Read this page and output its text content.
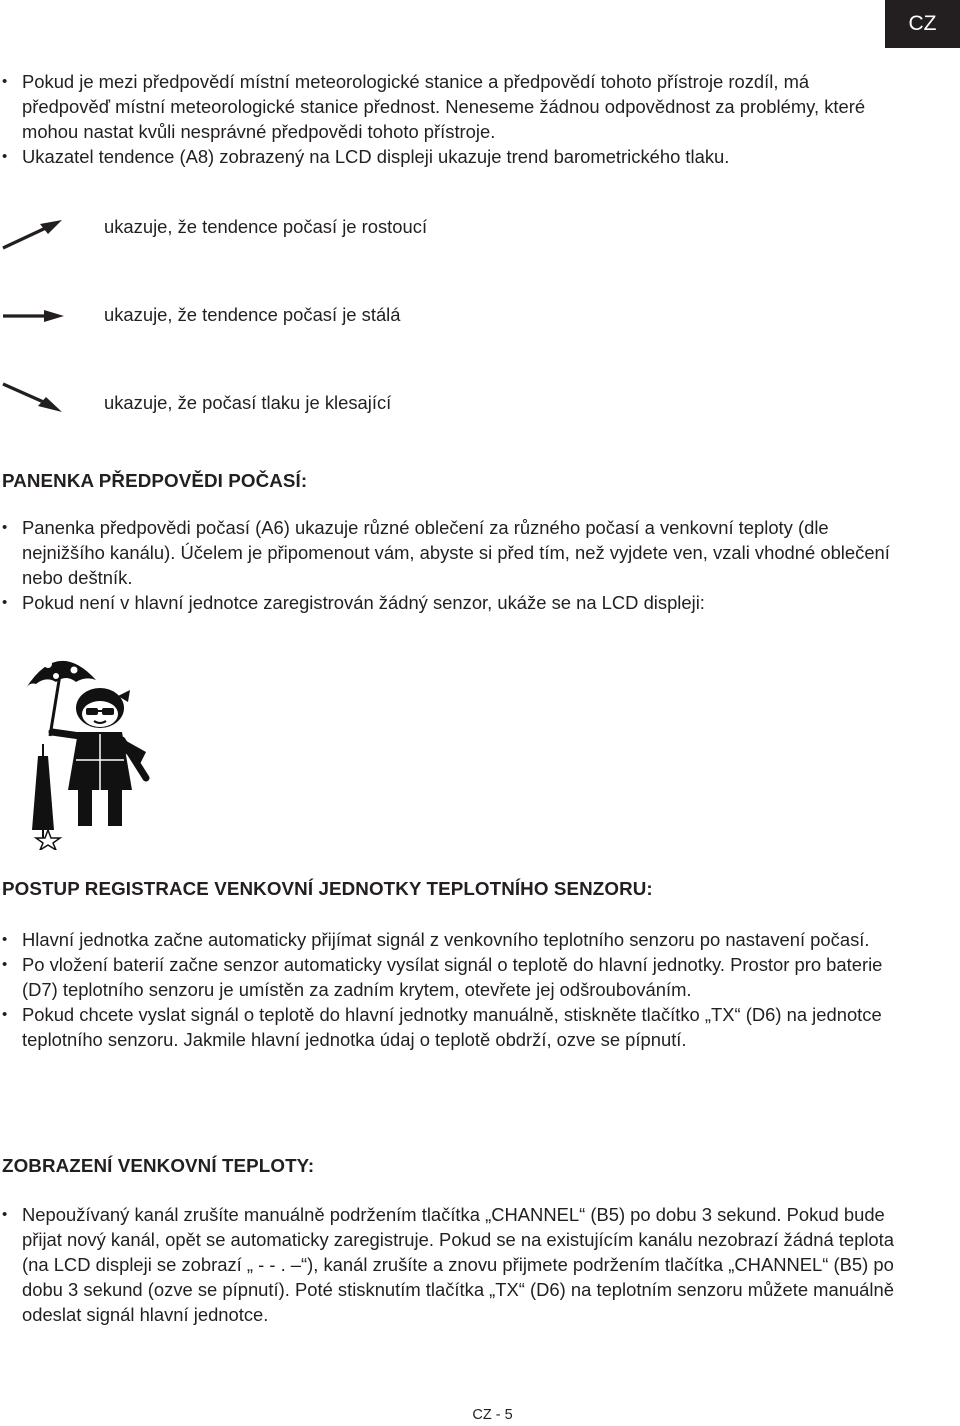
CZ
• Pokud je mezi předpovědí místní meteorologické stanice a předpovědí tohoto přístroje rozdíl, má předpověď místní meteorologické stanice přednost. Neneseme žádnou odpovědnost za problémy, které mohou nastat kvůli nesprávné předpovědi tohoto přístroje.
• Ukazatel tendence (A8) zobrazený na LCD displeji ukazuje trend barometrického tlaku.
ukazuje, že tendence počasí je rostoucí
ukazuje, že tendence počasí je stálá
ukazuje, že počasí tlaku je klesající
PANENKA PŘEDPOVĚDI POČASÍ:
• Panenka předpovědi počasí (A6) ukazuje různé oblečení za různého počasí a venkovní teploty (dle nejnižšího kanálu). Účelem je připomenout vám, abyste si před tím, než vyjdete ven, vzali vhodné oblečení nebo deštník.
• Pokud není v hlavní jednotce zaregistrován žádný senzor, ukáže se na LCD displeji:
POSTUP REGISTRACE VENKOVNÍ JEDNOTKY TEPLOTNÍHO SENZORU:
• Hlavní jednotka začne automaticky přijímat signál z venkovního teplotního senzoru po nastavení počasí.
• Po vložení baterií začne senzor automaticky vysílat signál o teplotě do hlavní jednotky. Prostor pro baterie (D7) teplotního senzoru je umístěn za zadním krytem, otevřete jej odšroubováním.
• Pokud chcete vyslat signál o teplotě do hlavní jednotky manuálně, stiskněte tlačítko „TX“ (D6) na jednotce teplotního senzoru. Jakmile hlavní jednotka údaj o teplotě obdrží, ozve se pípnutí.
ZOBRAZENÍ VENKOVNÍ TEPLOTY:
• Nepoužívaný kanál zrušíte manuálně podržením tlačítka „CHANNEL“ (B5) po dobu 3 sekund. Pokud bude přijat nový kanál, opět se automaticky zaregistruje. Pokud se na existujícím kanálu nezobrazí žádná teplota (na LCD displeji se zobrazí „ - - . –“), kanál zrušíte a znovu přijmete podržením tlačítka „CHANNEL“ (B5) po dobu 3 sekund (ozve se pípnutí). Poté stisknutím tlačítka „TX“ (D6) na teplotním senzoru můžete manuálně odeslat signál hlavní jednotce.
CZ - 5
